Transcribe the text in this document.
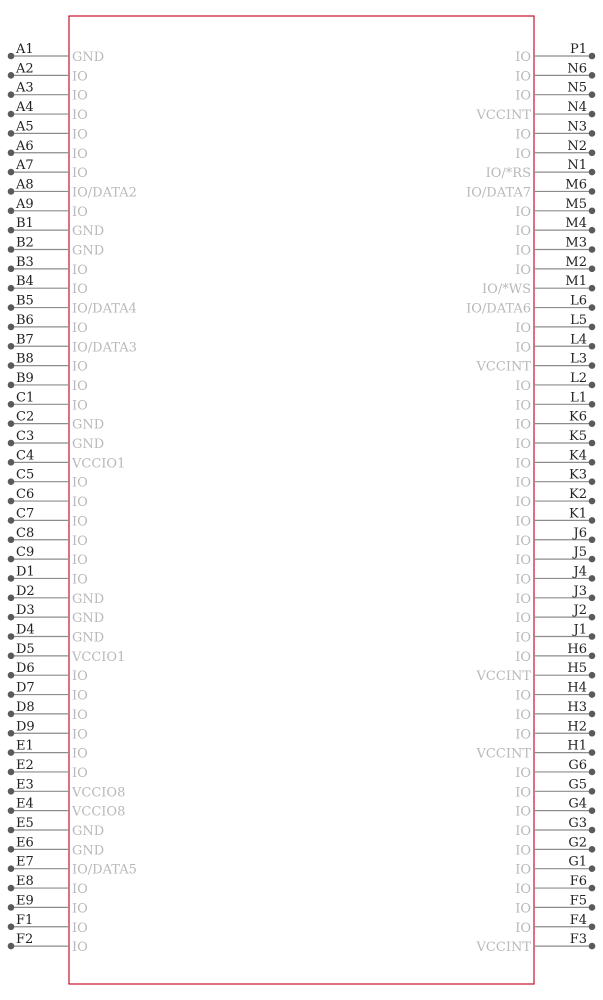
A1
GND
A2
IO
A3
IO
A4
IO
A5
IO
A6
IO
A7
IO
A8
IO/DATA2
A9
IO
B1
GND
B2
GND
B3
IO
B4
IO
B5
IO/DATA4
B6
IO
B7
IO/DATA3
B8
IO
B9
IO
C1
IO
C2
GND
C3
GND
C4
VCCIO1
C5
IO
C6
IO
C7
IO
C8
IO
C9
IO
D1
IO
D2
GND
D3
GND
D4
GND
D5
VCCIO1
D6
IO
D7
IO
D8
IO
D9
IO
E1
IO
E2
IO
E3
VCCIO8
E4
VCCIO8
E5
GND
E6
GND
E7
IO/DATA5
E8
IO
E9
IO
F1
IO
F2
IO
P1
IO
N6
IO
N5
IO
N4
VCCINT
N3
IO
N2
IO
N1
IO/*RS
M6
IO/DATA7
M5
IO
M4
IO
M3
IO
M2
IO
M1
IO/*WS
L6
IO/DATA6
L5
IO
L4
IO
L3
VCCINT
L2
IO
L1
IO
K6
IO
K5
IO
K4
IO
K3
IO
K2
IO
K1
IO
J6
IO
J5
IO
J4
IO
J3
IO
J2
IO
J1
IO
H6
IO
H5
VCCINT
H4
IO
H3
IO
H2
IO
H1
VCCINT
G6
IO
G5
IO
G4
IO
G3
IO
G2
IO
G1
IO
F6
IO
F5
IO
F4
IO
F3
VCCINT
